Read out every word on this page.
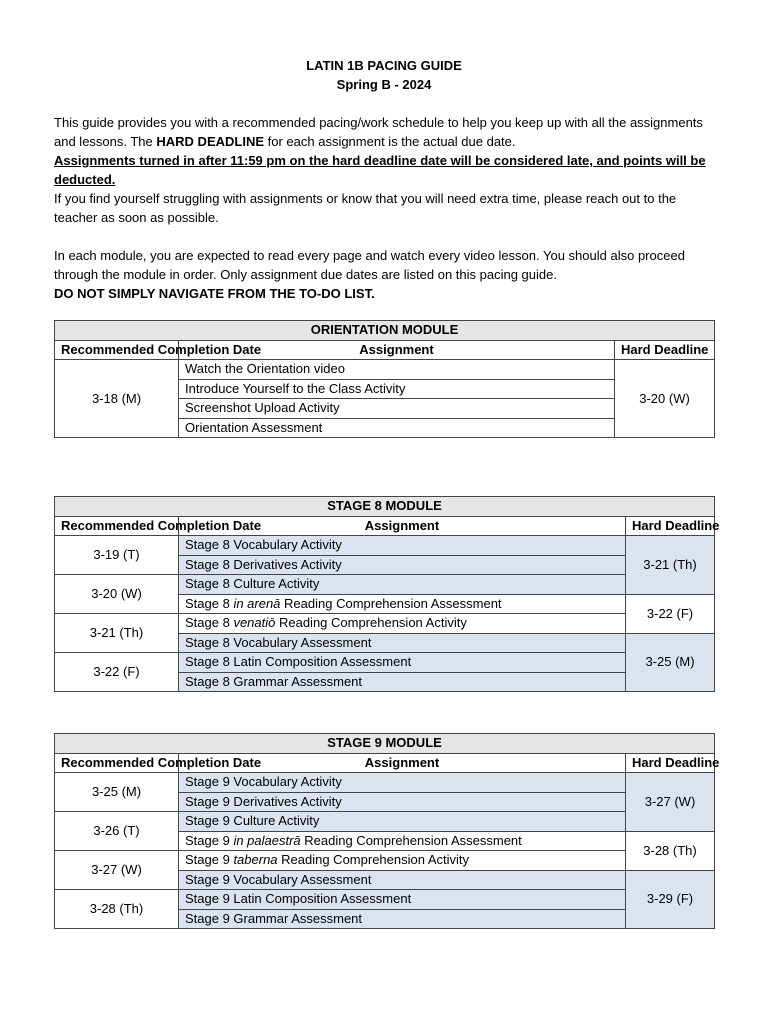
LATIN 1B PACING GUIDE
Spring B - 2024

This guide provides you with a recommended pacing/work schedule to help you keep up with all the assignments and lessons. The HARD DEADLINE for each assignment is the actual due date.

Assignments turned in after 11:59 pm on the hard deadline date will be considered late, and points will be deducted.

If you find yourself struggling with assignments or know that you will need extra time, please reach out to the teacher as soon as possible.

In each module, you are expected to read every page and watch every video lesson. You should also proceed through the module in order. Only assignment due dates are listed on this pacing guide.

DO NOT SIMPLY NAVIGATE FROM THE TO-DO LIST.

ORIENTATION MODULE		
Recommended Completion Date	Assignment	Hard Deadline
3-18 (M)	Watch the Orientation video	3-20 (W)
	Introduce Yourself to the Class Activity	
	Screenshot Upload Activity	
	Orientation Assessment	
STAGE 8 MODULE		
Recommended Completion Date	Assignment	Hard Deadline
3-19 (T)	Stage 8 Vocabulary Activity	3-21 (Th)
	Stage 8 Derivatives Activity	
3-20 (W)	Stage 8 Culture Activity	
	Stage 8 in arenā Reading Comprehension Assessment	3-22 (F)
3-21 (Th)	Stage 8 venatiō Reading Comprehension Activity	
	Stage 8 Vocabulary Assessment	3-25 (M)
3-22 (F)	Stage 8 Latin Composition Assessment	
	Stage 8 Grammar Assessment	
STAGE 9 MODULE		
Recommended Completion Date	Assignment	Hard Deadline
3-25 (M)	Stage 9 Vocabulary Activity	3-27 (W)
	Stage 9 Derivatives Activity	
3-26 (T)	Stage 9 Culture Activity	
	Stage 9 in palaestrā Reading Comprehension Assessment	3-28 (Th)
3-27 (W)	Stage 9 taberna Reading Comprehension Activity	
	Stage 9 Vocabulary Assessment	3-29 (F)
3-28 (Th)	Stage 9 Latin Composition Assessment	
	Stage 9 Grammar Assessment	
